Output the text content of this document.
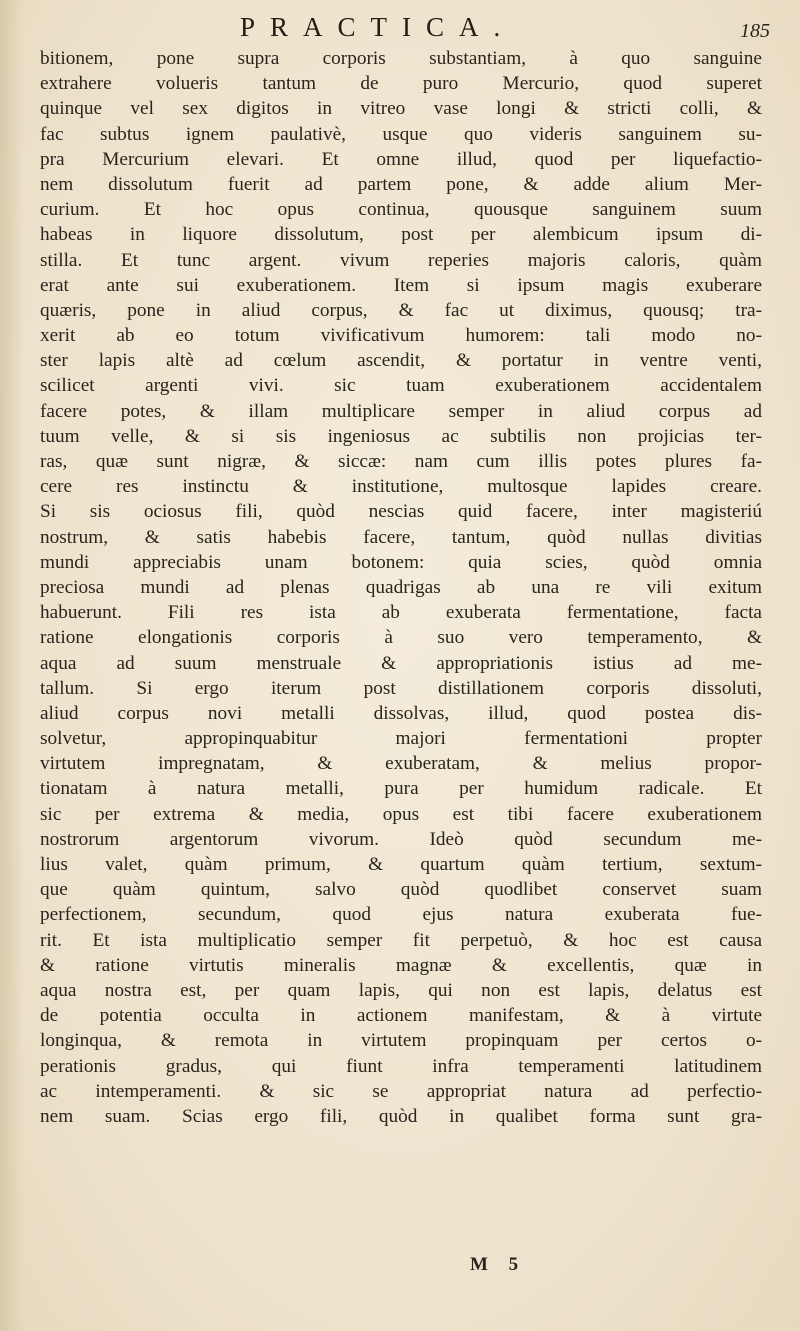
PRACTICA.	185
bitionem, pone supra corporis substantiam, à quo sanguine
extrahere volueris tantum de puro Mercurio, quod superet
quinque vel sex digitos in vitreo vase longi & stricti colli, &
fac subtus ignem paulativè, usque quo videris sanguinem su-
pra Mercurium elevari. Et omne illud, quod per liquefactio-
nem dissolutum fuerit ad partem pone, & adde alium Mer-
curium. Et hoc opus continua, quousque sanguinem suum
habeas in liquore dissolutum, post per alembicum ipsum di-
stilla. Et tunc argent. vivum reperies majoris caloris, quàm
erat ante sui exuberationem. Item si ipsum magis exuberare
quæris, pone in aliud corpus, & fac ut diximus, quousq; tra-
xerit ab eo totum vivificativum humorem: tali modo no-
ster lapis altè ad cœlum ascendit, & portatur in ventre venti,
scilicet argenti vivi. sic tuam exuberationem accidentalem
facere potes, & illam multiplicare semper in aliud corpus ad
tuum velle, & si sis ingeniosus ac subtilis non projicias ter-
ras, quæ sunt nigræ, & siccæ: nam cum illis potes plures fa-
cere res instinctu & institutione, multosque lapides creare.
Si sis ociosus fili, quòd nescias quid facere, inter magisteriú
nostrum, & satis habebis facere, tantum, quòd nullas divitias
mundi appreciabis unam botonem: quia scies, quòd omnia
preciosa mundi ad plenas quadrigas ab una re vili exitum
habuerunt. Fili res ista ab exuberata fermentatione, facta
ratione elongationis corporis à suo vero temperamento, &
aqua ad suum menstruale & appropriationis istius ad me-
tallum. Si ergo iterum post distillationem corporis dissoluti,
aliud corpus novi metalli dissolvas, illud, quod postea dis-
solvetur, appropinquabitur majori fermentationi propter
virtutem impregnatam, & exuberatam, & melius propor-
tionatam à natura metalli, pura per humidum radicale. Et
sic per extrema & media, opus est tibi facere exuberationem
nostrorum argentorum vivorum. Ideò quòd secundum me-
lius valet, quàm primum, & quartum quàm tertium, sextum-
que quàm quintum, salvo quòd quodlibet conservet suam
perfectionem, secundum, quod ejus natura exuberata fue-
rit. Et ista multiplicatio semper fit perpetuò, & hoc est causa
& ratione virtutis mineralis magnæ & excellentis, quæ in
aqua nostra est, per quam lapis, qui non est lapis, delatus est
de potentia occulta in actionem manifestam, & à virtute
longinqua, & remota in virtutem propinquam per certos o-
perationis gradus, qui fiunt infra temperamenti latitudinem
ac intemperamenti. & sic se appropriat natura ad perfectio-
nem suam. Scias ergo fili, quòd in qualibet forma sunt gra-
M 5
